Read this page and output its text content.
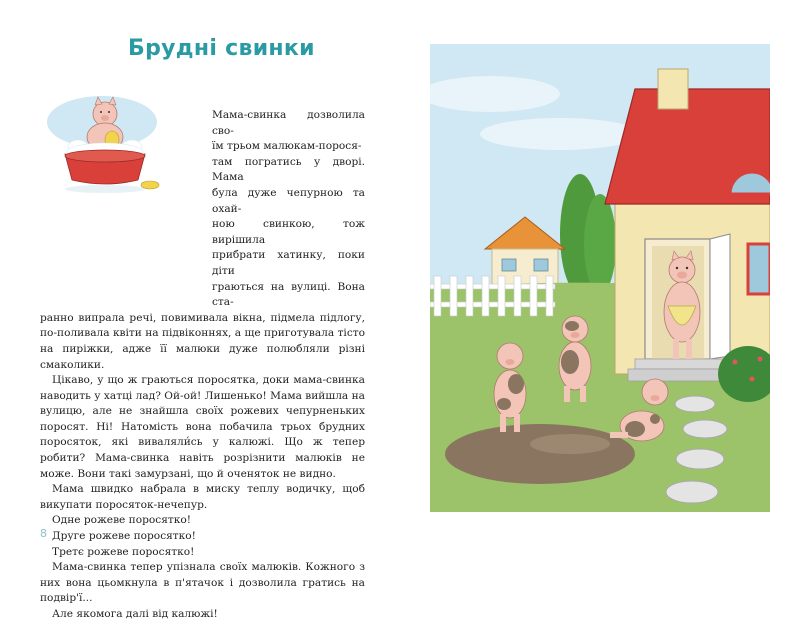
Брудні свинки

Мама-свинка дозволила сво-

їм трьом малюкам-порося-

там погратись у дворі. Мама

була дуже чепурною та охай-

ною свинкою, тож вирішила

прибрати хатинку, поки діти

граються на вулиці. Вона ста-

ранно випрала речі, повимивала вікна, підмела підлогу, по-поливала квіти на підвіконнях, а ще приготувала тісто на пиріжки, адже її малюки дуже полюбляли різні смаколики.

Цікаво, у що ж граються поросятка, доки мама-свинка наводить у хатці лад? Ой-ой! Лишенько! Мама вийшла на вулицю, але не знайшла своїх рожевих чепурненьких поросят. Ні! Натомість вона побачила трьох брудних поросяток, які виваляли́сь у калюжі. Що ж тепер робити? Мама-свинка навіть розрізнити малюків не може. Вони такі замурзані, що й оченяток не видно.

Мама швидко набрала в миску теплу водичку, щоб викупати поросяток-нечепур.

Одне рожеве поросятко!

Друге рожеве поросятко!

Третє рожеве поросятко!

Мама-свинка тепер упізнала своїх малюків. Кожного з них вона цьомкнула в п'ятачок і дозволила гратись на подвір'ї...

Але якомога далі від калюжі!

8
